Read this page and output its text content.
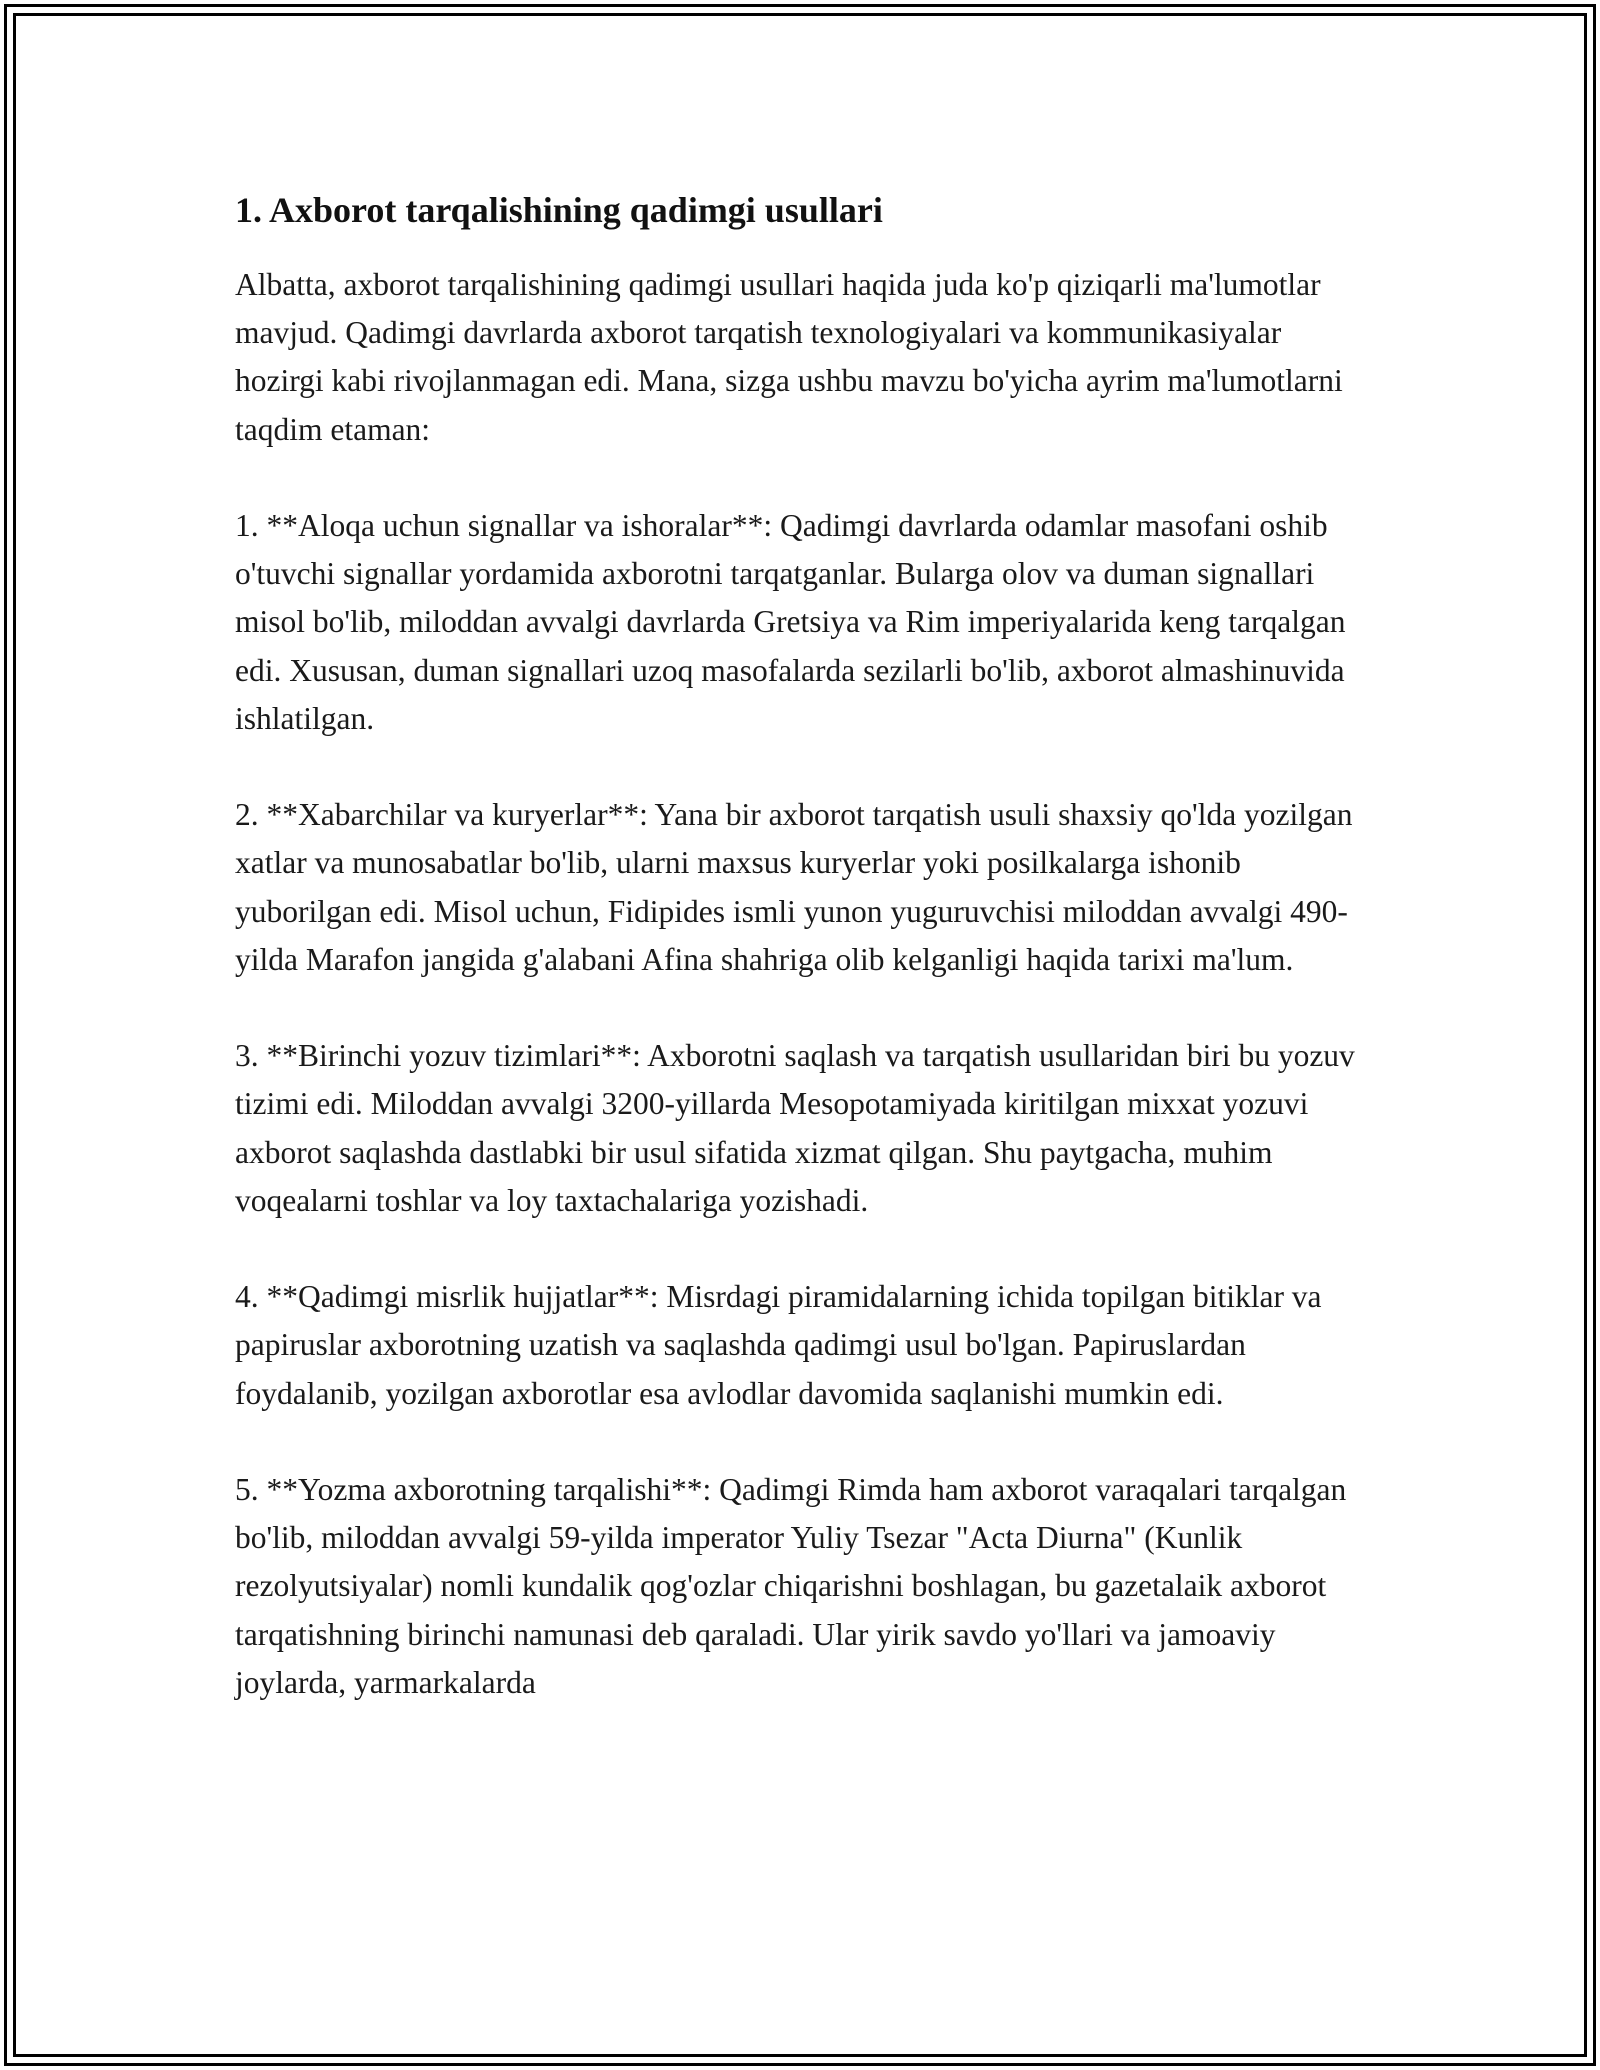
1. Axborot tarqalishining qadimgi usullari

Albatta, axborot tarqalishining qadimgi usullari haqida juda ko'p qiziqarli ma'lumotlar mavjud. Qadimgi davrlarda axborot tarqatish texnologiyalari va kommunikasiyalar hozirgi kabi rivojlanmagan edi. Mana, sizga ushbu mavzu bo'yicha ayrim ma'lumotlarni taqdim etaman:

1. **Aloqa uchun signallar va ishoralar**: Qadimgi davrlarda odamlar masofani oshib o'tuvchi signallar yordamida axborotni tarqatganlar. Bularga olov va duman signallari misol bo'lib, miloddan avvalgi davrlarda Gretsiya va Rim imperiyalarida keng tarqalgan edi. Xususan, duman signallari uzoq masofalarda sezilarli bo'lib, axborot almashinuvida ishlatilgan.

2. **Xabarchilar va kuryerlar**: Yana bir axborot tarqatish usuli shaxsiy qo'lda yozilgan xatlar va munosabatlar bo'lib, ularni maxsus kuryerlar yoki posilkalarga ishonib yuborilgan edi. Misol uchun, Fidipides ismli yunon yuguruvchisi miloddan avvalgi 490-yilda Marafon jangida g'alabani Afina shahriga olib kelganligi haqida tarixi ma'lum.

3. **Birinchi yozuv tizimlari**: Axborotni saqlash va tarqatish usullaridan biri bu yozuv tizimi edi. Miloddan avvalgi 3200-yillarda Mesopotamiyada kiritilgan mixxat yozuvi axborot saqlashda dastlabki bir usul sifatida xizmat qilgan. Shu paytgacha, muhim voqealarni toshlar va loy taxtachalariga yozishadi.

4. **Qadimgi misrlik hujjatlar**: Misrdagi piramidalarning ichida topilgan bitiklar va papiruslar axborotning uzatish va saqlashda qadimgi usul bo'lgan. Papiruslardan foydalanib, yozilgan axborotlar esa avlodlar davomida saqlanishi mumkin edi.

5. **Yozma axborotning tarqalishi**: Qadimgi Rimda ham axborot varaqalari tarqalgan bo'lib, miloddan avvalgi 59-yilda imperator Yuliy Tsezar "Acta Diurna" (Kunlik rezolyutsiyalar) nomli kundalik qog'ozlar chiqarishni boshlagan, bu gazetalaik axborot tarqatishning birinchi namunasi deb qaraladi. Ular yirik savdo yo'llari va jamoaviy joylarda, yarmarkalarda
